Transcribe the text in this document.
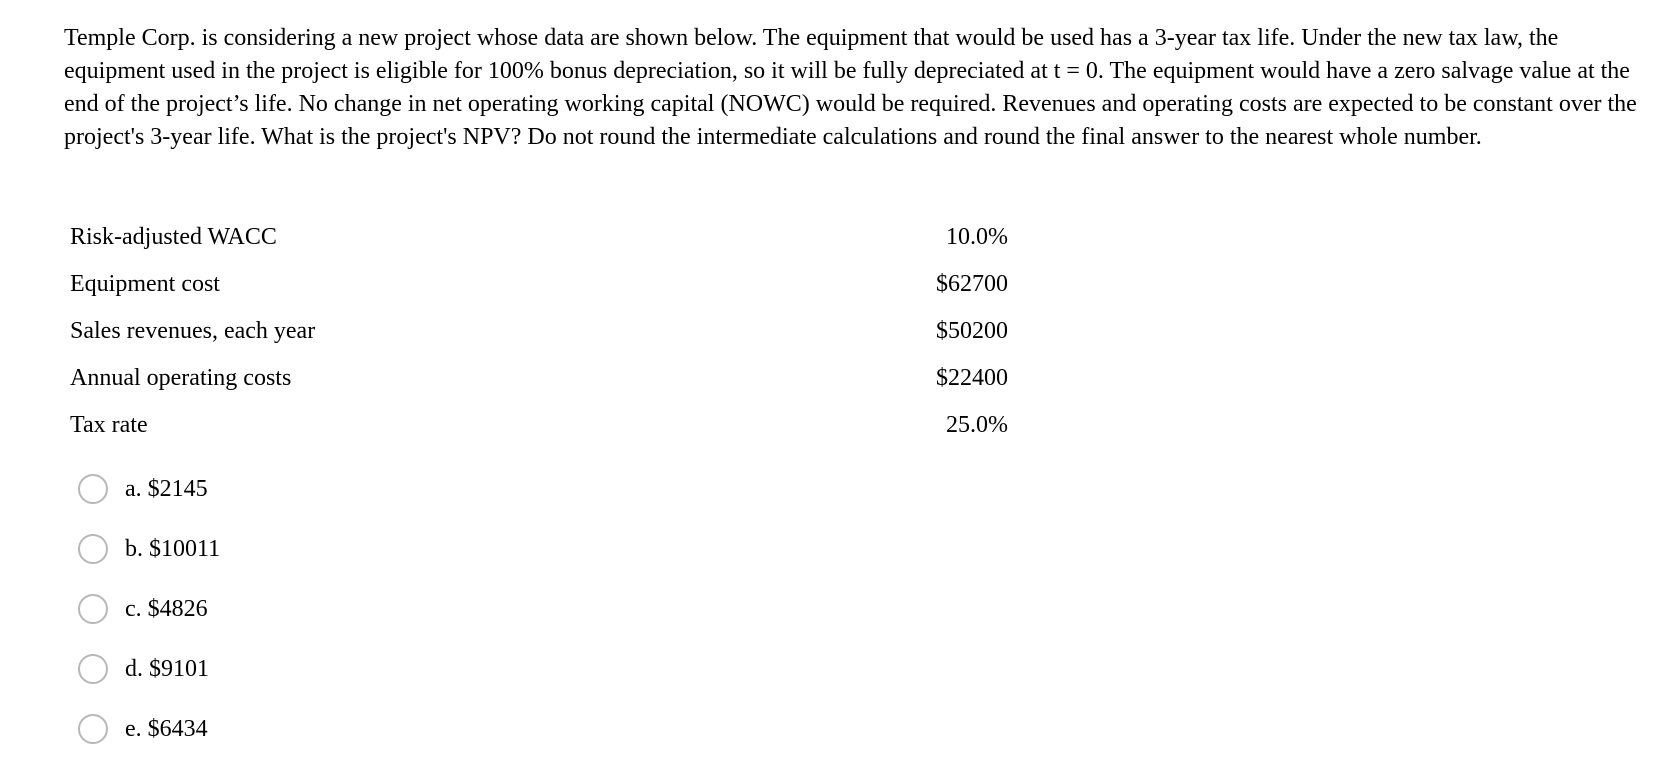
Temple Corp. is considering a new project whose data are shown below. The equipment that would be used has a 3-year tax life. Under the new tax law, the equipment used in the project is eligible for 100% bonus depreciation, so it will be fully depreciated at t = 0. The equipment would have a zero salvage value at the end of the project’s life. No change in net operating working capital (NOWC) would be required. Revenues and operating costs are expected to be constant over the project's 3-year life. What is the project's NPV? Do not round the intermediate calculations and round the final answer to the nearest whole number.

Risk-adjusted WACC	10.0%
Equipment cost	$62700
Sales revenues, each year	$50200
Annual operating costs	$22400
Tax rate	25.0%
a. $2145
b. $10011
c. $4826
d. $9101
e. $6434
